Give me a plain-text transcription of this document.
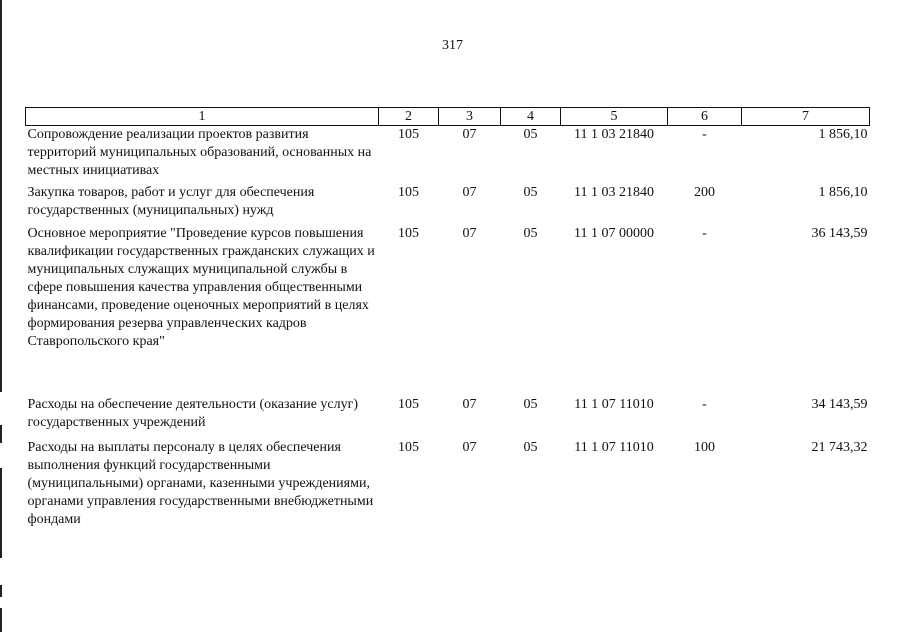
317
1	2	3	4	5	6	7
Сопровождение реализации проектов развития территорий муниципальных образований, основанных на местных инициативах	105	07	05	11 1 03 21840	-	1 856,10
Закупка товаров, работ и услуг для обеспечения государственных (муниципальных) нужд	105	07	05	11 1 03 21840	200	1 856,10
Основное мероприятие "Проведение курсов повышения квалификации государственных гражданских служащих и муниципальных служащих муниципальной службы в сфере повышения качества управления общественными финансами, проведение оценочных мероприятий в целях формирования резерва управленческих кадров Ставропольского края"	105	07	05	11 1 07 00000	-	36 143,59
Расходы на обеспечение деятельности (оказание услуг) государственных учреждений	105	07	05	11 1 07 11010	-	34 143,59
Расходы на выплаты персоналу в целях обеспечения выполнения функций государственными (муниципальными) органами, казенными учреждениями, органами управления государственными внебюджетными фондами	105	07	05	11 1 07 11010	100	21 743,32
